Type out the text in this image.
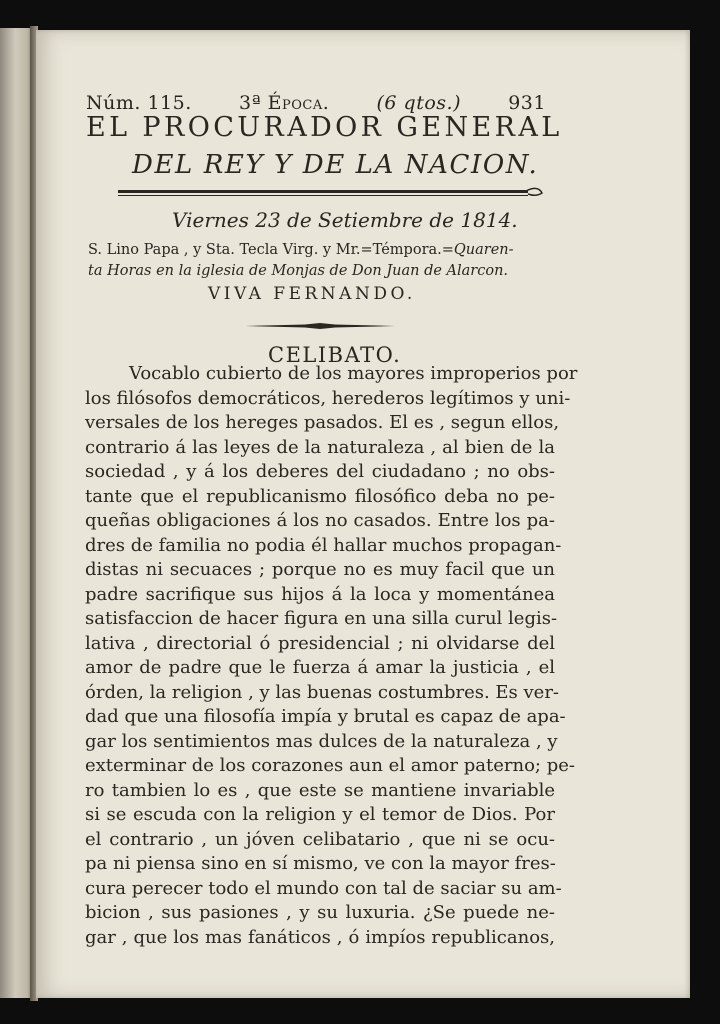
Núm. 115. 3ª Época. (6 qtos.) 931
EL PROCURADOR GENERAL
DEL REY Y DE LA NACION.
Viernes 23 de Setiembre de 1814.
S. Lino Papa , y Sta. Tecla Virg. y Mr.=Témpora.=Quaren-
ta Horas en la iglesia de Monjas de Don Juan de Alarcon.
VIVA FERNANDO.
CELIBATO.
Vocablo cubierto de los mayores improperios por
los filósofos democráticos, herederos legítimos y uni-
versales de los hereges pasados. El es , segun ellos,
contrario á las leyes de la naturaleza , al bien de la
sociedad , y á los deberes del ciudadano ; no obs-
tante que el republicanismo filosófico deba no pe-
queñas obligaciones á los no casados. Entre los pa-
dres de familia no podia él hallar muchos propagan-
distas ni secuaces ; porque no es muy facil que un
padre sacrifique sus hijos á la loca y momentánea
satisfaccion de hacer figura en una silla curul legis-
lativa , directorial ó presidencial ; ni olvidarse del
amor de padre que le fuerza á amar la justicia , el
órden, la religion , y las buenas costumbres. Es ver-
dad que una filosofía impía y brutal es capaz de apa-
gar los sentimientos mas dulces de la naturaleza , y
exterminar de los corazones aun el amor paterno; pe-
ro tambien lo es , que este se mantiene invariable
si se escuda con la religion y el temor de Dios. Por
el contrario , un jóven celibatario , que ni se ocu-
pa ni piensa sino en sí mismo, ve con la mayor fres-
cura perecer todo el mundo con tal de saciar su am-
bicion , sus pasiones , y su luxuria. ¿Se puede ne-
gar , que los mas fanáticos , ó impíos republicanos,
